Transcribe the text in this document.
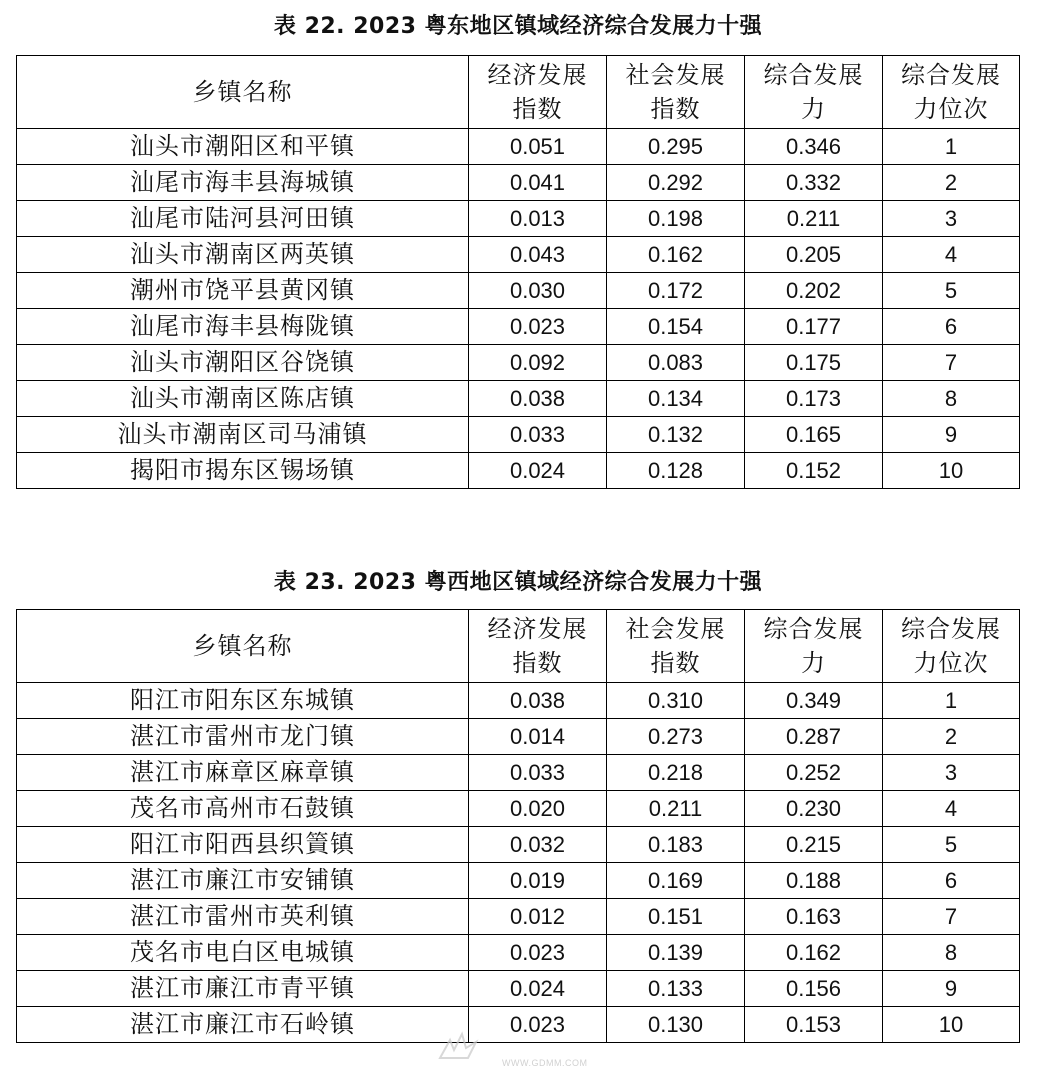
表 22. 2023 粤东地区镇域经济综合发展力十强
乡镇名称	经济发展指数	社会发展指数	综合发展力	综合发展力位次
汕头市潮阳区和平镇	0.051	0.295	0.346	1
汕尾市海丰县海城镇	0.041	0.292	0.332	2
汕尾市陆河县河田镇	0.013	0.198	0.211	3
汕头市潮南区两英镇	0.043	0.162	0.205	4
潮州市饶平县黄冈镇	0.030	0.172	0.202	5
汕尾市海丰县梅陇镇	0.023	0.154	0.177	6
汕头市潮阳区谷饶镇	0.092	0.083	0.175	7
汕头市潮南区陈店镇	0.038	0.134	0.173	8
汕头市潮南区司马浦镇	0.033	0.132	0.165	9
揭阳市揭东区锡场镇	0.024	0.128	0.152	10
表 23. 2023 粤西地区镇域经济综合发展力十强
乡镇名称	经济发展指数	社会发展指数	综合发展力	综合发展力位次
阳江市阳东区东城镇	0.038	0.310	0.349	1
湛江市雷州市龙门镇	0.014	0.273	0.287	2
湛江市麻章区麻章镇	0.033	0.218	0.252	3
茂名市高州市石鼓镇	0.020	0.211	0.230	4
阳江市阳西县织篢镇	0.032	0.183	0.215	5
湛江市廉江市安铺镇	0.019	0.169	0.188	6
湛江市雷州市英利镇	0.012	0.151	0.163	7
茂名市电白区电城镇	0.023	0.139	0.162	8
湛江市廉江市青平镇	0.024	0.133	0.156	9
湛江市廉江市石岭镇	0.023	0.130	0.153	10
WWW.GDMM.COM
